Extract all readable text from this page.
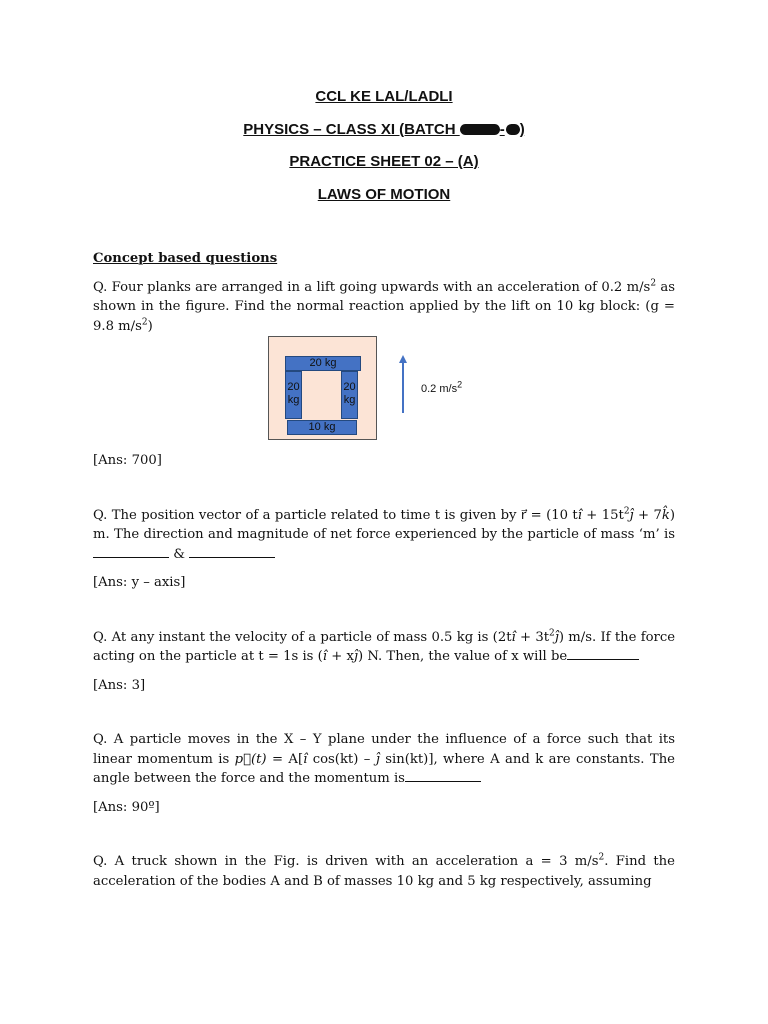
CCL KE LAL/LADLI
PHYSICS – CLASS XI (BATCH	- )
PRACTICE SHEET 02 – (A)
LAWS OF MOTION

Concept based questions

Q. Four planks are arranged in a lift going upwards with an acceleration of 0.2 $m/s^2$ as shown in the figure. Find the normal reaction applied by the lift on 10 kg block: (g = 9.8 $m/s^2$)

20 kg
20 kg
20 kg
10 kg
0.2 $m/s^2$

[Ans: 700]

Q. The position vector of a particle related to time t is given by r⃗ = (10 tî + $15t^2ĵ$ + 7k̂) m. The direction and magnitude of net force experienced by the particle of mass ‘m’ is  &

[Ans: y – axis]

Q. At any instant the velocity of a particle of mass 0.5 kg is (2tî + $3t^2ĵ$) m/s. If the force acting on the particle at t = 1s is (î + xĵ) N. Then, the value of x will be

[Ans: 3]

Q. A particle moves in the X – Y plane under the influence of a force such that its linear momentum is p⃗(t) = A[î cos(kt) – ĵ sin(kt)], where A and k are constants. The angle between the force and the momentum is

[Ans: 90º]

Q. A truck shown in the Fig. is driven with an acceleration a = 3 $m/s^2$. Find the acceleration of the bodies A and B of masses 10 kg and 5 kg respectively, assuming
